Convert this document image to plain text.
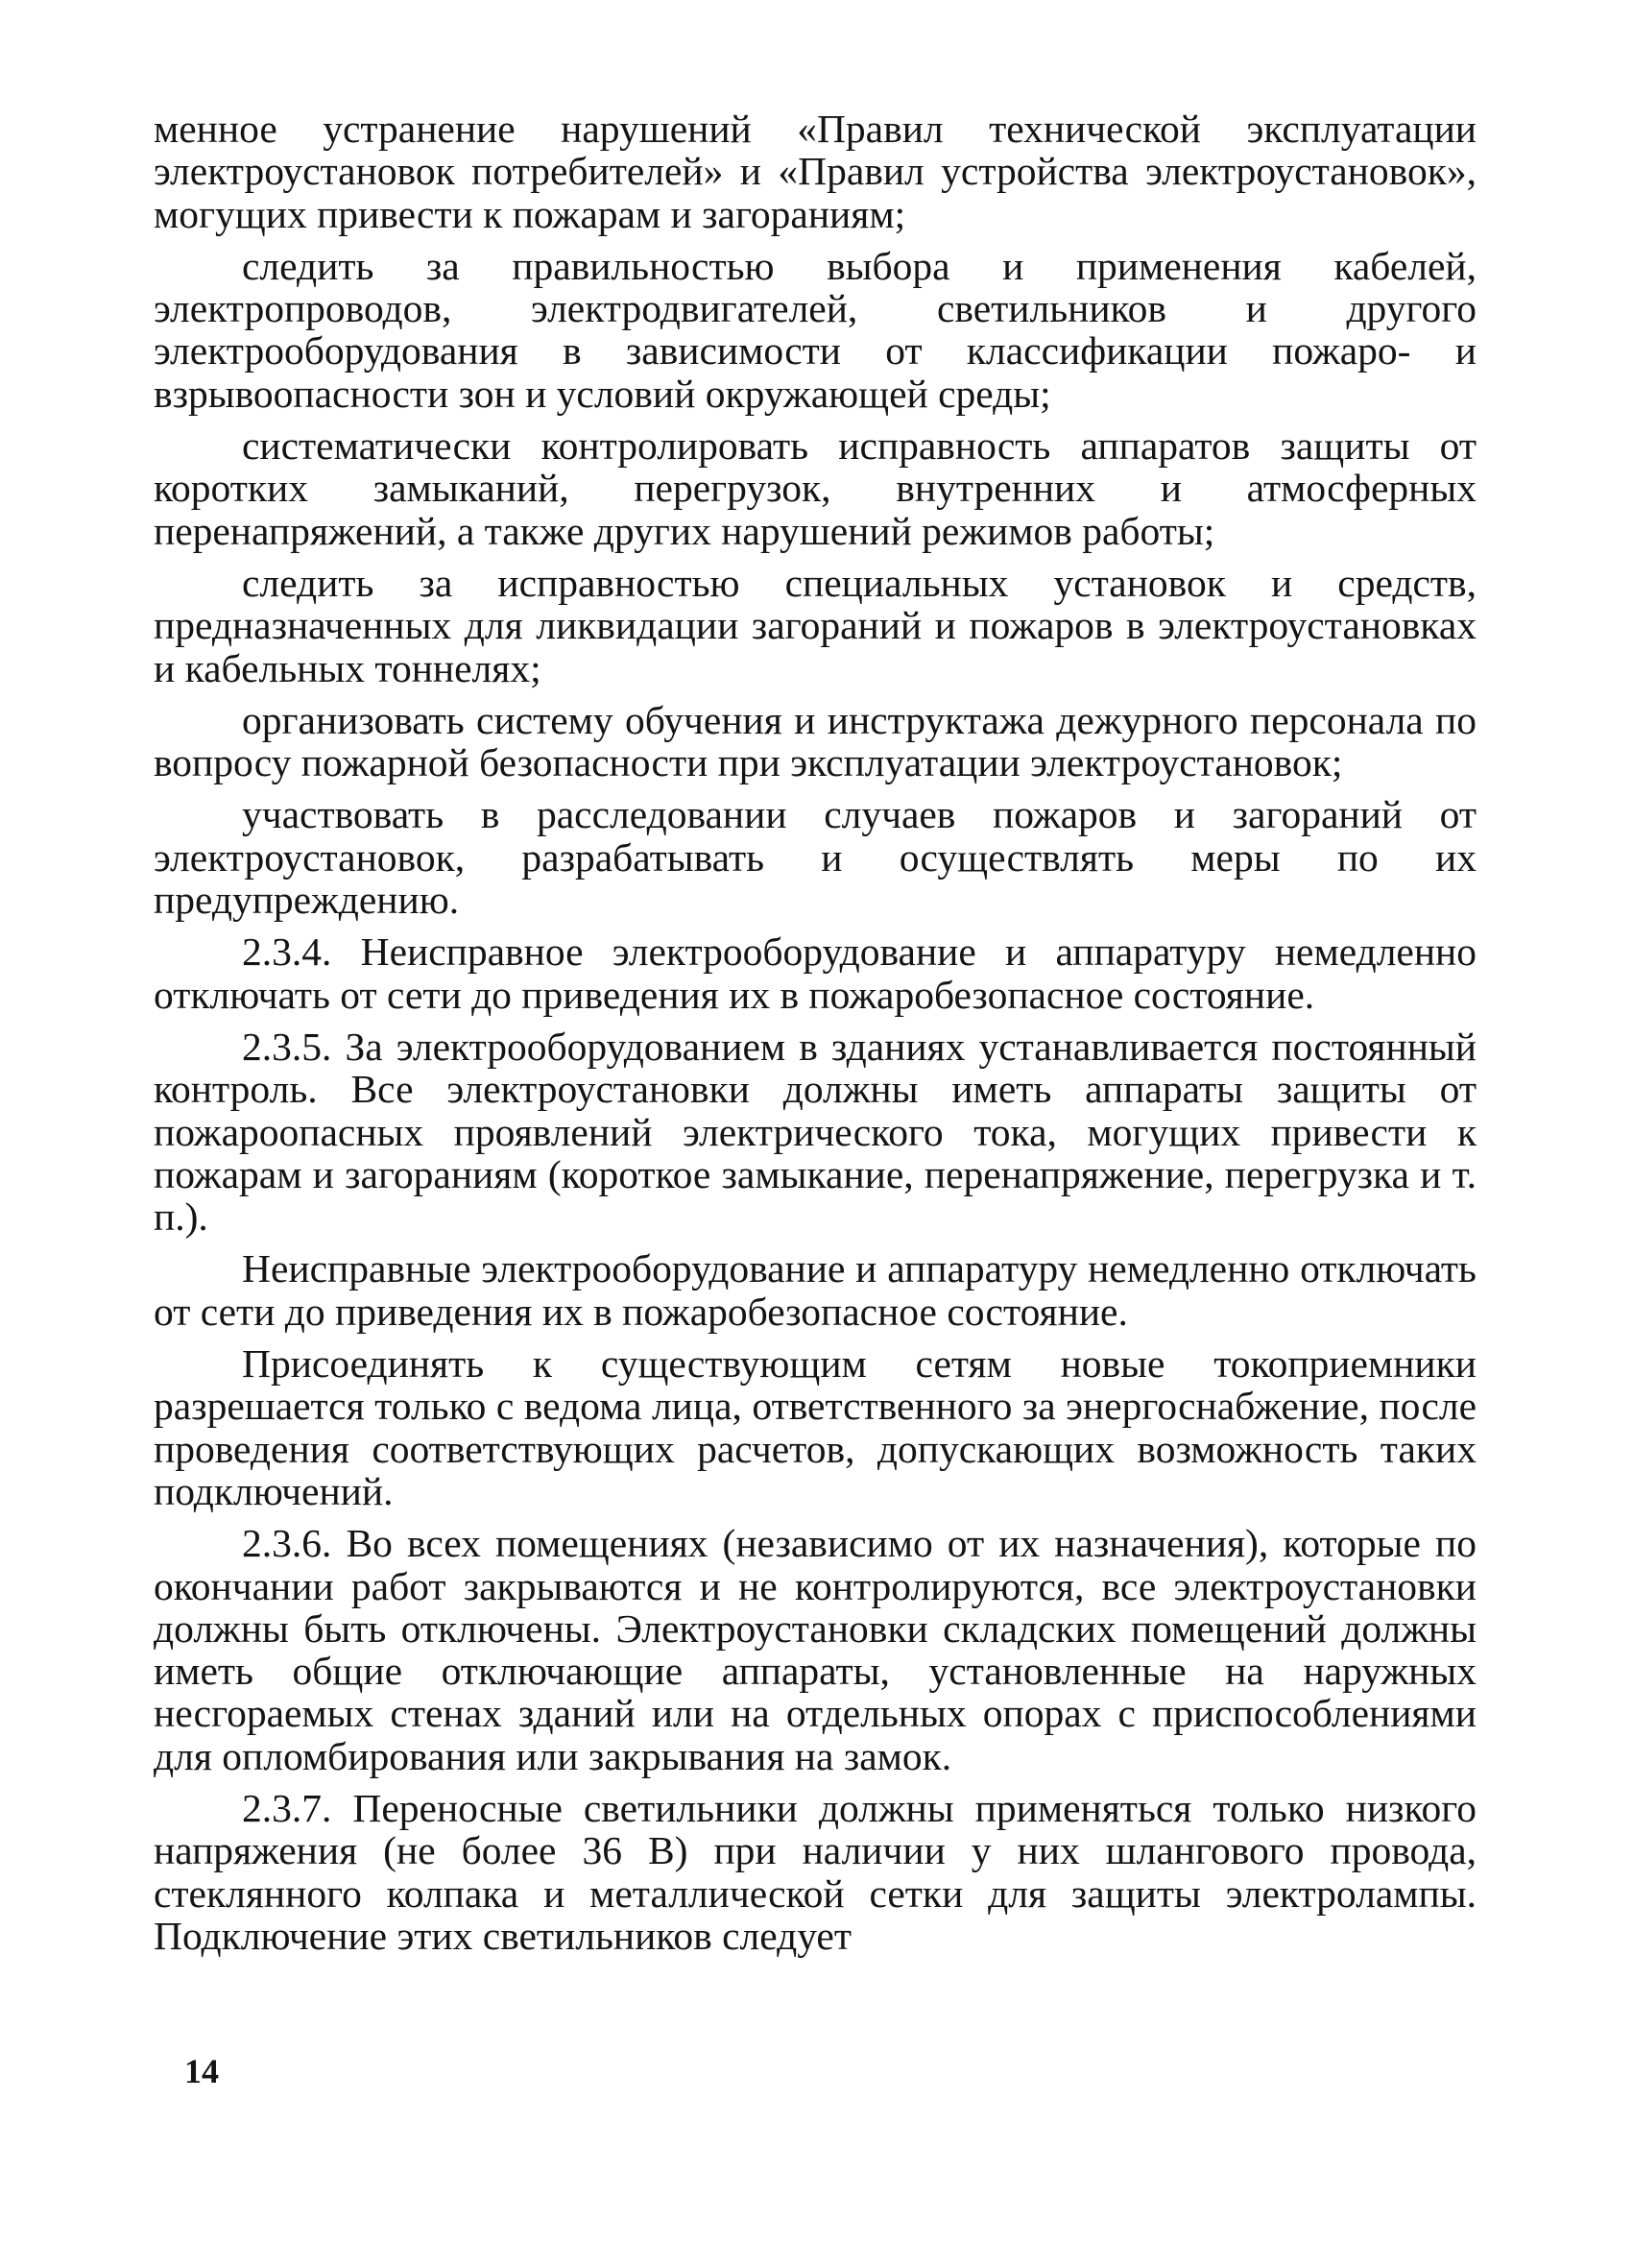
менное устранение нарушений «Правил технической эксплуатации электроустановок потребителей» и «Правил устройства электроустановок», могущих привести к пожарам и загораниям;

следить за правильностью выбора и применения кабелей, электропроводов, электродвигателей, светильников и другого электрооборудования в зависимости от классификации пожаро- и взрывоопасности зон и условий окружающей среды;

систематически контролировать исправность аппаратов защиты от коротких замыканий, перегрузок, внутренних и атмосферных перенапряжений, а также других нарушений режимов работы;

следить за исправностью специальных установок и средств, предназначенных для ликвидации загораний и пожаров в электроустановках и кабельных тоннелях;

организовать систему обучения и инструктажа дежурного персонала по вопросу пожарной безопасности при эксплуатации электроустановок;

участвовать в расследовании случаев пожаров и загораний от электроустановок, разрабатывать и осуществлять меры по их предупреждению.

2.3.4. Неисправное электрооборудование и аппаратуру немедленно отключать от сети до приведения их в пожаробезопасное состояние.

2.3.5. За электрооборудованием в зданиях устанавливается постоянный контроль. Все электроустановки должны иметь аппараты защиты от пожароопасных проявлений электрического тока, могущих привести к пожарам и загораниям (короткое замыкание, перенапряжение, перегрузка и т. п.).

Неисправные электрооборудование и аппаратуру немедленно отключать от сети до приведения их в пожаробезопасное состояние.

Присоединять к существующим сетям новые токоприемники разрешается только с ведома лица, ответственного за энергоснабжение, после проведения соответствующих расчетов, допускающих возможность таких подключений.

2.3.6. Во всех помещениях (независимо от их назначения), которые по окончании работ закрываются и не контролируются, все электроустановки должны быть отключены. Электроустановки складских помещений должны иметь общие отключающие аппараты, установленные на наружных несгораемых стенах зданий или на отдельных опорах с приспособлениями для опломбирования или закрывания на замок.

2.3.7. Переносные светильники должны применяться только низкого напряжения (не более 36 В) при наличии у них шлангового провода, стеклянного колпака и металлической сетки для защиты электролампы. Подключение этих светильников следует

14
